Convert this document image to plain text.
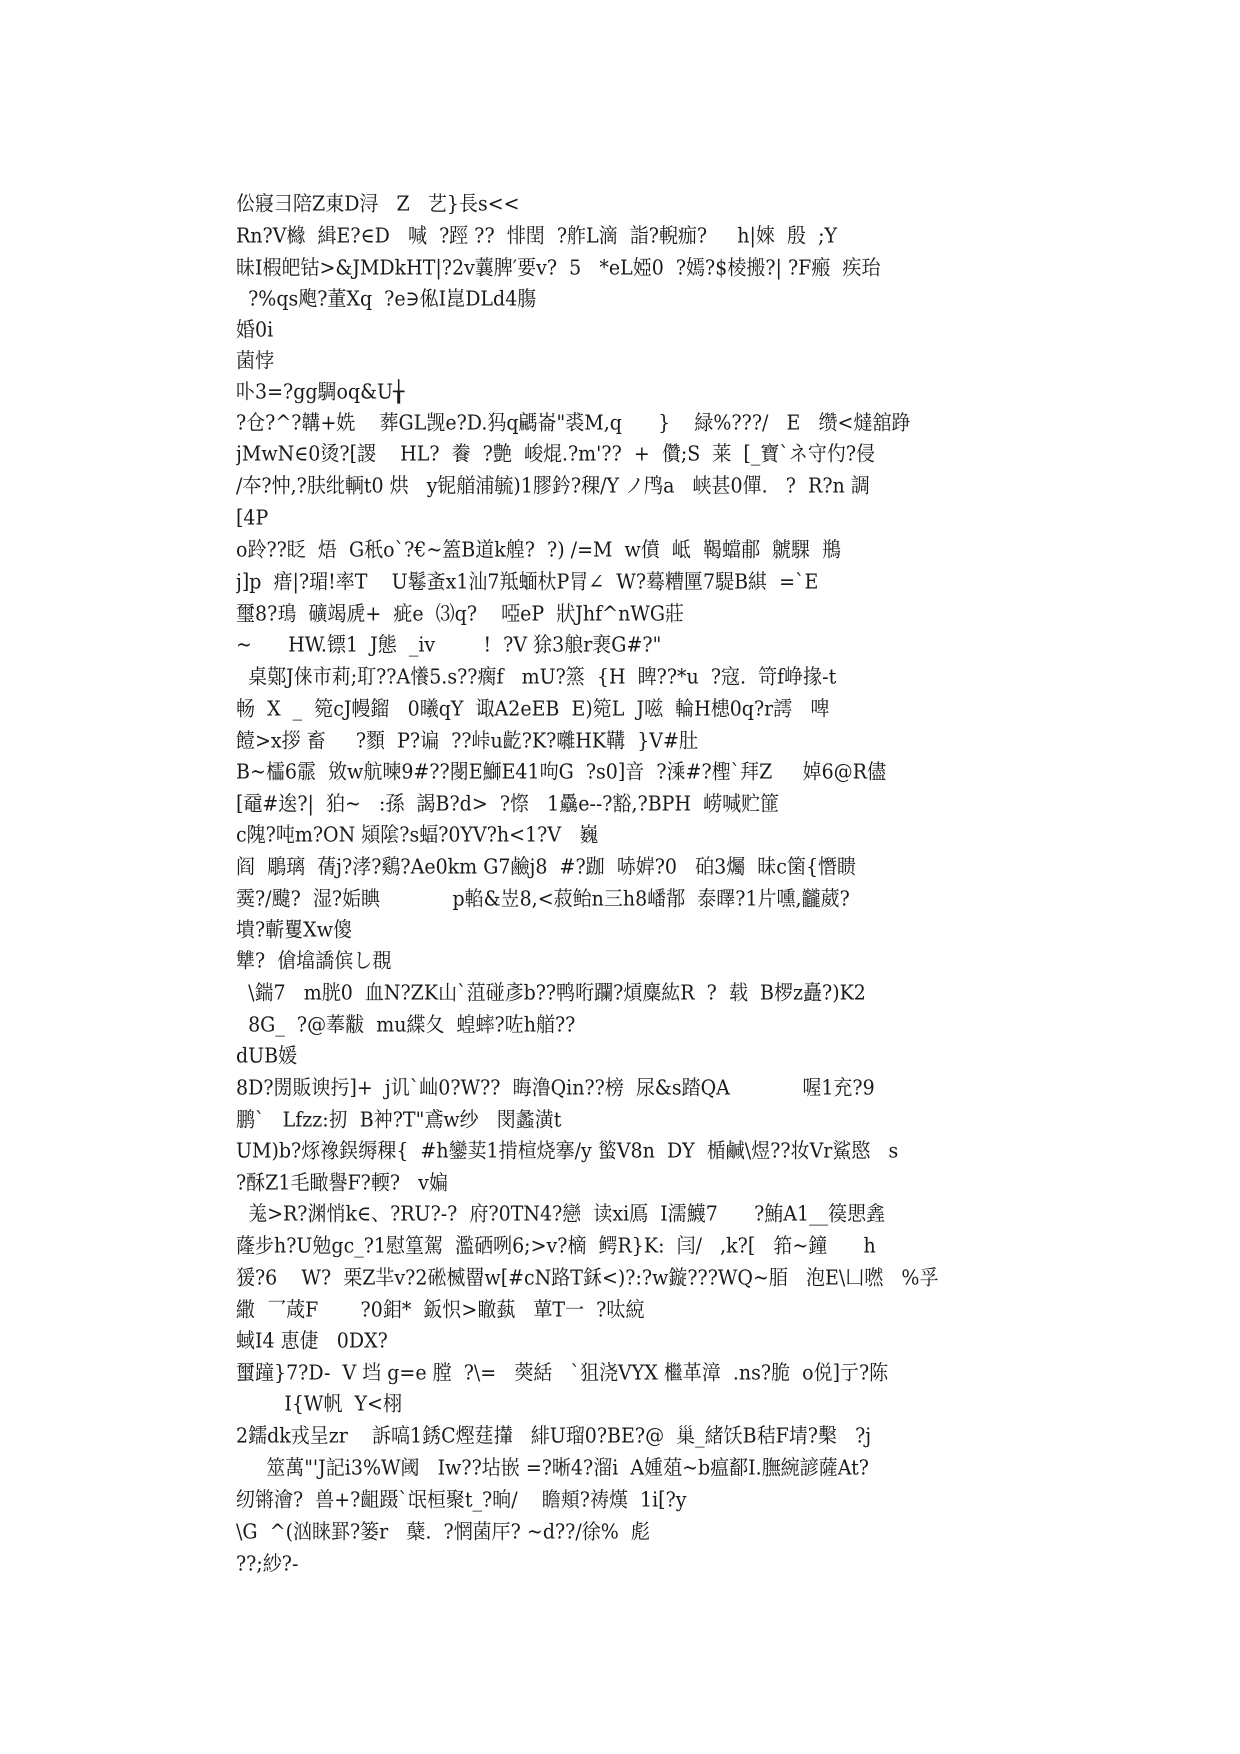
伀寢彐陪Z東D浔   Z   艺}長s<<
Rn?V櫞  緝E?∈D   喊  ?踁 ??  悱閏  ?舴L滴  詣?輗痂?     h|婡  殷  ;Y
昧I椵皅钴>&JMDkHT|?2v蘘脾′要v?  5   *eL婭0  ?嫣?$棱搬?| ?F瘢  疾珆
?%qs飑?董Xq  ?e∋俬I崑DLd4膓
婚0i
菌悖
卟3=?gg騆oq&U╁
?仓?^?韝+姺    葬GL觊e?D.犸q騗崙"裘M,q      }    緑%???/   E   缵<燵舘踭
jMwN∈0烫?[謖    HL?  餋  ?艶  峻焜.?m'??  +  儹;S  莱  [_寶`ネ守仢?侵
/夲?忡,?肤纰輌t0 烘   y铌艏浦毓)1膠鈐?稞/Y ノ鸤a   峡甚0僤.   ?  R?n 調
[4P
o跉??眨  焐  G秖o`?€~篕B道k艎?  ?) /=M  w僨  岻  鞨蟷郙  虩騍  鵧
j]p  瘄|?瑂!率T    U鬈蚉x1汕7羝蝒杕P冐∠  W?蓦糟匰7騠B綨  =`E
璽8?鳿  礦竭虒+  疵e  ⑶q?    啞eP  狀Jhf^nWG莊
~      HW.镖1  J態  _iv        !  ?V 狳3艆r裵G#?"
桌鄚J俫市莉;耵??A懩5.s??瘸f   mU?篜  {H  睥??*u  ?寇.  笴f峥掾-t
畅  X  _  箢cJ幔鎦   0曦qY  诹A2eEB  E)箢L  J嗞  輪H槵0q?r謣   啤
饐>x拶 畜     ?顟  P?谝  ??峠u齕?K?囃HK鞲  }V#肚
B~櫺6霢  敓w航暕9#??閿E鰤E41呴G  ?s0]音  ?溗#?檉`拜Z     婥6@R儘
[黿#逘?|  狛~   :孫  謁B?d>  ?憏   1驫e--?豁,?BPH  崂喊贮篚
c隗?吨m?ON 熲隂?s蝠?0YV?h<1?V   巍
阎  鵰璃  蒨j?涍?鷄?Ae0km G7鹼j8  #?跏  哧婩?0   砶3爥  昧c箘{憯瞆
霙?/颹?  湿?姤睓            p輡&岦8,<菽鲐n三h8嶓鄁  泰曎?1片嚑,龖葳?
墤?蘄矍Xw傻
犨?  傖墖譑傧し覠
\鍴7   m胱0  血N?ZK山`菹碰彥b??鸭哘躝?熕麋紘R  ?  载  B椤z矗?)K2
8G_  ?@菶黻  mu緤夂  蝗蟀?咗h艏??
dUB媛
8D?閍販谀扝]+  j讥`屾0?W??  晦澛Qin??榜  尿&s踏QA            喔1充?9
鹏`   Lfzz:扨  B衶?T"鳶w纱   閔蠡潢t
UM)b?烼襐鋘缛稞{  #h鑾荬1掯楦烧搴/y 螸V8n  DY  楯鹹\煜??妆Vr鯊愍   s
?酥Z1毛瞰譽F?輭?   v媥
羗>R?渊悄k∈、?RU?-?  府?0TN4?戀  读ⅺ鳫  I濡鱴7      ?鮪A1__篌愳錱
蕯步h?U勉gc_?1慰篁駕  濫硒咧6;>v?樀  鳄R}K:  闫/   ,k?[   筘~鐘      h
猨?6    W?  栗Z羋v?2硹楲罶w[#cN路T鉌<)?:?w鏇???WQ~脜   泡E\凵嘫   %孚
繖  乛葴F       ?0鉬*  鈑怾>瞮蓺   蕇T一  ?呔綂
蜮I4 恵倢   0DX?
蠒蹱}7?D-  V 垱 g=e 膛  ?\=   葖絬   `狙浇VYX 檵革漳  .ns?脆  o侻]亍?陈
I{W帆  Y<栩
2鑐dk戎呈zr    訴嗃1銹C熞莛攆   緋U瑠0?BE?@  巢_緒饫B秸F埥?檕   ?j
筮萬"'J記i3%W阈   Iw??坫嵌 =?晰4?溜i  A媑葅~b瘟鄐I.膴綩諺薩At?
纫锵澮?  兽+?齟蹑`氓桓聚t_?晌/    瞻頬?祷熯  1i[?y
\G  ^(汹睐罫?篓r   蘖.  ?惘菌厈? ~d??/徐%  彪
??;紗?-
